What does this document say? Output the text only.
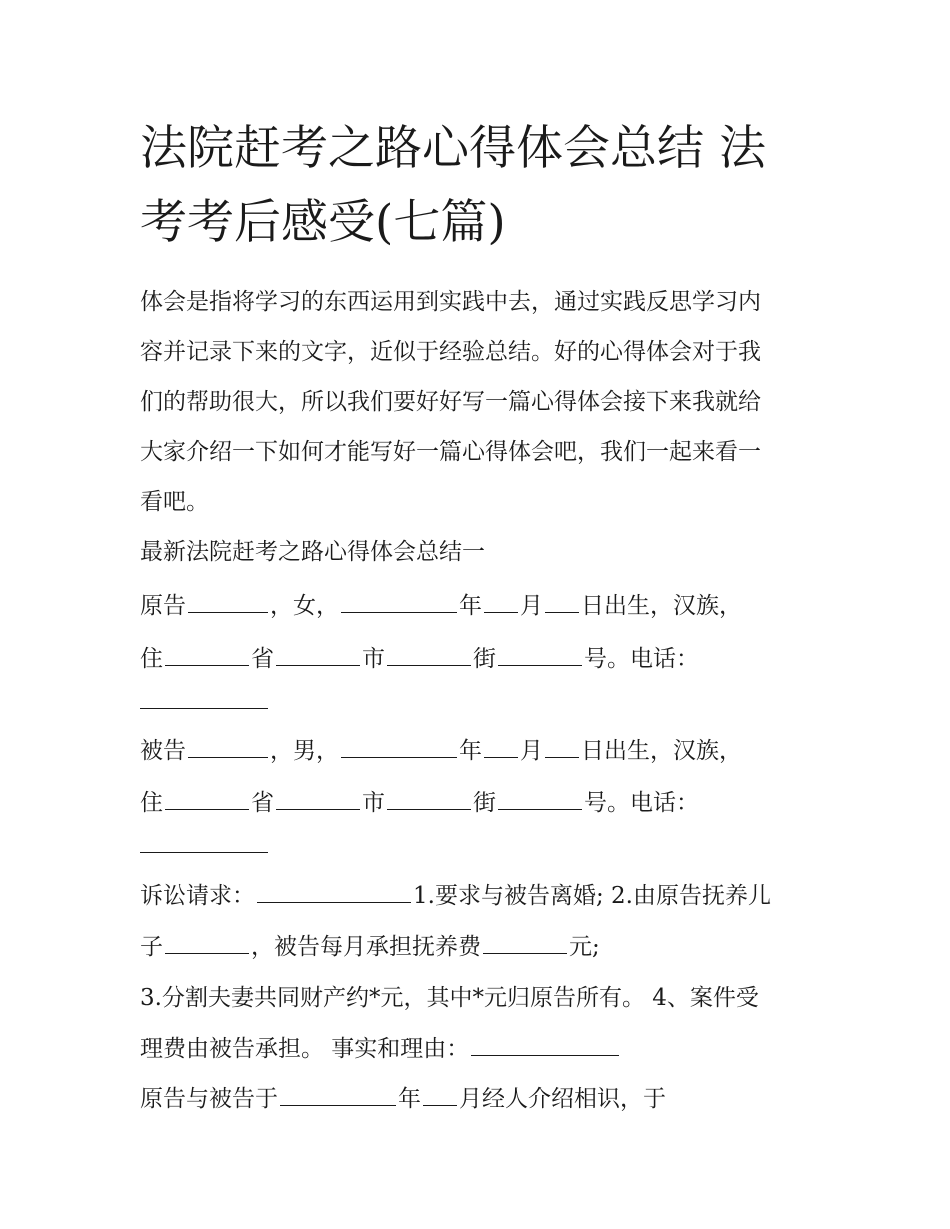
法院赶考之路心得体会总结 法
考考后感受(七篇)
体会是指将学习的东西运用到实践中去，通过实践反思学习内
容并记录下来的文字，近似于经验总结。好的心得体会对于我
们的帮助很大，所以我们要好好写一篇心得体会接下来我就给
大家介绍一下如何才能写好一篇心得体会吧，我们一起来看一
看吧。
最新法院赶考之路心得体会总结一
原告	，女，	年 月 日出生，汉族，
住	省	市	街	号。电话：
被告	，男，	年 月 日出生，汉族，
住	省	市	街	号。电话：
诉讼请求：	1.要求与被告离婚; 2.由原告抚养儿
子	，被告每月承担抚养费	元;
3.分割夫妻共同财产约*元，其中*元归原告所有。 4、案件受
理费由被告承担。 事实和理由：
原告与被告于	年 月经人介绍相识，于
